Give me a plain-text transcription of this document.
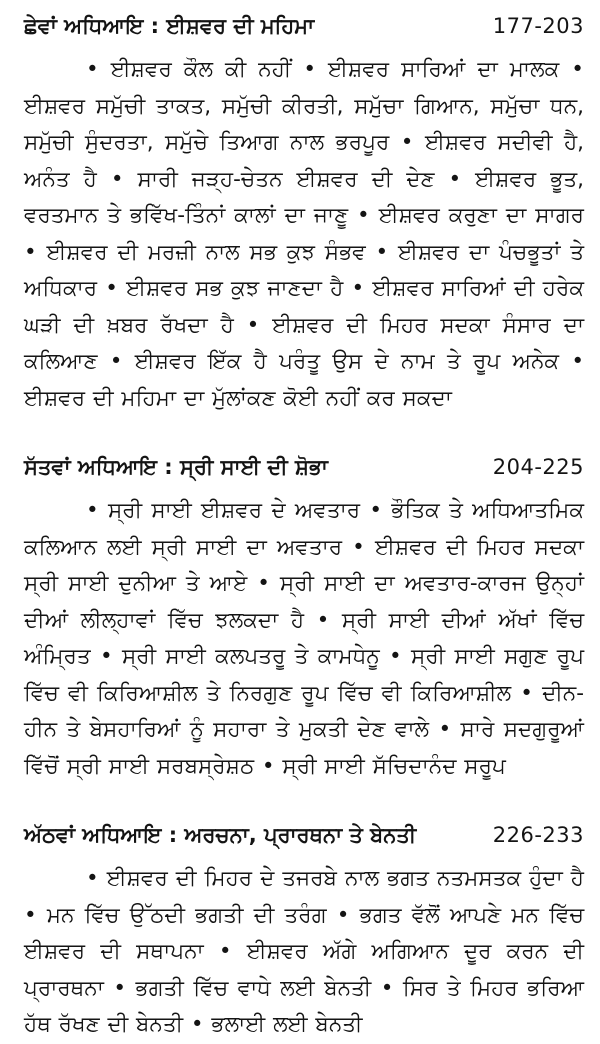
ਛੇਵਾਂ ਅਧਿਆਇ : ਈਸ਼ਵਰ ਦੀ ਮਹਿਮਾ	177-203

• ਈਸ਼ਵਰ ਕੌਲ ਕੀ ਨਹੀਂ • ਈਸ਼ਵਰ ਸਾਰਿਆਂ ਦਾ ਮਾਲਕ • ਈਸ਼ਵਰ ਸਮੁੱਚੀ ਤਾਕਤ, ਸਮੁੱਚੀ ਕੀਰਤੀ, ਸਮੁੱਚਾ ਗਿਆਨ, ਸਮੁੱਚਾ ਧਨ, ਸਮੁੱਚੀ ਸੁੰਦਰਤਾ, ਸਮੁੱਚੇ ਤਿਆਗ ਨਾਲ ਭਰਪੂਰ • ਈਸ਼ਵਰ ਸਦੀਵੀ ਹੈ, ਅਨੰਤ ਹੈ • ਸਾਰੀ ਜੜ੍ਹ-ਚੇਤਨ ਈਸ਼ਵਰ ਦੀ ਦੇਣ • ਈਸ਼ਵਰ ਭੂਤ, ਵਰਤਮਾਨ ਤੇ ਭਵਿੱਖ-ਤਿੰਨਾਂ ਕਾਲਾਂ ਦਾ ਜਾਣੂ • ਈਸ਼ਵਰ ਕਰੁਣਾ ਦਾ ਸਾਗਰ • ਈਸ਼ਵਰ ਦੀ ਮਰਜ਼ੀ ਨਾਲ ਸਭ ਕੁਝ ਸੰਭਵ • ਈਸ਼ਵਰ ਦਾ ਪੰਚਭੂਤਾਂ ਤੇ ਅਧਿਕਾਰ • ਈਸ਼ਵਰ ਸਭ ਕੁਝ ਜਾਣਦਾ ਹੈ • ਈਸ਼ਵਰ ਸਾਰਿਆਂ ਦੀ ਹਰੇਕ ਘੜੀ ਦੀ ਖ਼ਬਰ ਰੱਖਦਾ ਹੈ • ਈਸ਼ਵਰ ਦੀ ਮਿਹਰ ਸਦਕਾ ਸੰਸਾਰ ਦਾ ਕਲਿਆਣ • ਈਸ਼ਵਰ ਇੱਕ ਹੈ ਪਰੰਤੂ ਉਸ ਦੇ ਨਾਮ ਤੇ ਰੂਪ ਅਨੇਕ • ਈਸ਼ਵਰ ਦੀ ਮਹਿਮਾ ਦਾ ਮੁੱਲਾਂਕਣ ਕੋਈ ਨਹੀਂ ਕਰ ਸਕਦਾ

ਸੱਤਵਾਂ ਅਧਿਆਇ : ਸ੍ਰੀ ਸਾਈ ਦੀ ਸ਼ੋਭਾ	204-225

• ਸ੍ਰੀ ਸਾਈ ਈਸ਼ਵਰ ਦੇ ਅਵਤਾਰ • ਭੌਤਿਕ ਤੇ ਅਧਿਆਤਮਿਕ ਕਲਿਆਨ ਲਈ ਸ੍ਰੀ ਸਾਈ ਦਾ ਅਵਤਾਰ • ਈਸ਼ਵਰ ਦੀ ਮਿਹਰ ਸਦਕਾ ਸ੍ਰੀ ਸਾਈ ਦੁਨੀਆ ਤੇ ਆਏ • ਸ੍ਰੀ ਸਾਈ ਦਾ ਅਵਤਾਰ-ਕਾਰਜ ਉਨ੍ਹਾਂ ਦੀਆਂ ਲੀਲ੍ਹਾਵਾਂ ਵਿੱਚ ਝਲਕਦਾ ਹੈ • ਸ੍ਰੀ ਸਾਈ ਦੀਆਂ ਅੱਖਾਂ ਵਿੱਚ ਅੰਮ੍ਰਿਤ • ਸ੍ਰੀ ਸਾਈ ਕਲਪਤਰੂ ਤੇ ਕਾਮਧੇਨੂ • ਸ੍ਰੀ ਸਾਈ ਸਗੁਣ ਰੂਪ ਵਿੱਚ ਵੀ ਕਿਰਿਆਸ਼ੀਲ ਤੇ ਨਿਰਗੁਣ ਰੂਪ ਵਿੱਚ ਵੀ ਕਿਰਿਆਸ਼ੀਲ • ਦੀਨ-ਹੀਨ ਤੇ ਬੇਸਹਾਰਿਆਂ ਨੂੰ ਸਹਾਰਾ ਤੇ ਮੁਕਤੀ ਦੇਣ ਵਾਲੇ • ਸਾਰੇ ਸਦਗੁਰੂਆਂ ਵਿੱਚੋਂ ਸ੍ਰੀ ਸਾਈ ਸਰਬਸ੍ਰੇਸ਼ਠ • ਸ੍ਰੀ ਸਾਈ ਸੱਚਿਦਾਨੰਦ ਸਰੂਪ

ਅੱਠਵਾਂ ਅਧਿਆਇ : ਅਰਚਨਾ, ਪ੍ਰਾਰਥਨਾ ਤੇ ਬੇਨਤੀ	226-233

• ਈਸ਼ਵਰ ਦੀ ਮਿਹਰ ਦੇ ਤਜਰਬੇ ਨਾਲ ਭਗਤ ਨਤਮਸਤਕ ਹੁੰਦਾ ਹੈ • ਮਨ ਵਿੱਚ ਉੱਠਦੀ ਭਗਤੀ ਦੀ ਤਰੰਗ • ਭਗਤ ਵੱਲੋਂ ਆਪਣੇ ਮਨ ਵਿੱਚ ਈਸ਼ਵਰ ਦੀ ਸਥਾਪਨਾ • ਈਸ਼ਵਰ ਅੱਗੇ ਅਗਿਆਨ ਦੂਰ ਕਰਨ ਦੀ ਪ੍ਰਾਰਥਨਾ • ਭਗਤੀ ਵਿੱਚ ਵਾਧੇ ਲਈ ਬੇਨਤੀ • ਸਿਰ ਤੇ ਮਿਹਰ ਭਰਿਆ ਹੱਥ ਰੱਖਣ ਦੀ ਬੇਨਤੀ • ਭਲਾਈ ਲਈ ਬੇਨਤੀ
